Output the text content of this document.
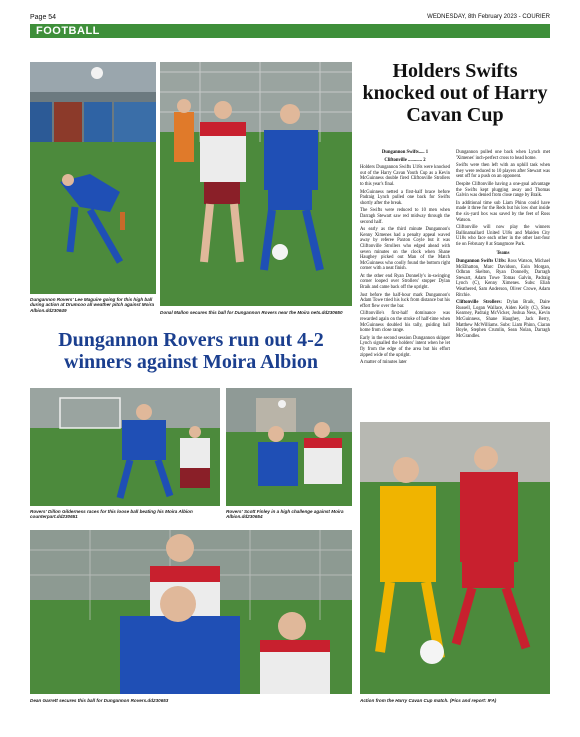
Page 54	WEDNESDAY, 8th February 2023 - COURIER
FOOTBALL
Dungannon Rovers' Lee Maguire going for this high ball during action at Drumcoo all weather pitch against Moira Albion.dd230649	Donal Mallon secures this ball for Dungannon Rovers near the Moira nets.dd230650
Holders Swifts knocked out of Harry Cavan Cup
Dungannon Swifts..... 1
Cliftonville ............ 2

Holders Dungannon Swifts U18s were knocked out of the Harry Cavan Youth Cup as a Kevin McGuinness double fired Cliftonville Strollers to this year's final.

McGuinness netted a first-half brace before Padraig Lynch pulled one back for Swifts shortly after the break.

The Swifts were reduced to 10 men when Darragh Stewart saw red midway through the second half.

As early as the third minute Dungannon's Kenny Ximenes had a penalty appeal waved away by referee Paxton Coyle but it was Cliftonville Strollers who edged ahead with seven minutes on the clock when Shane Haughey picked out Man of the Match McGuinness who coolly found the bottom right corner with a neat finish.

At the other end Ryan Donnelly's in-swinging corner looped over Strollers' stopper Dylan Braik and came back off the upright.

Just before the half-hour mark Dungannon's Adam Towe tried his luck from distance but his effort flew over the bar.

Cliftonville's first-half dominance was rewarded again on the stroke of half-time when McGuinness doubled his tally, guiding ball home from close range.

Early in the second session Dungannon skipper Lynch signalled the holders' intent when he let fly from the edge of the area but his effort zipped wide of the upright.

A matter of minutes later

Dungannon pulled one back when Lynch met 'Ximenes' inch-perfect cross to head home.

Swifts were then left with an uphill task when they were reduced to 10 players after Stewart was sent off for a push on an opponent.

Despite Cliftonville having a one-goal advantage the Swifts kept plugging away and Thomas Galvin was denied from close range by Braik.

In additional time sub Liam Phinn could have made it three for the Reds but his low shot inside the six-yard box was saved by the feet of Ross Watson.

Cliftonville will now play the winners Ballinamallard United U18s and Maiden City U18s who face each other in the other last-four tie on February 8 at Stangmore Park.

Teams

Dungannon Swifts U18s: Ross Watson, Michael McElhatton, Marc Davidson, Eoin Morgan, Odhran Skelton, Ryan Donnelly, Darragh Stewart, Adam Towe Tomas Galvin, Padraig Lynch (C), Kenny Ximenes. Subs: Eliah Weathered, Sam Anderson, Oliver Crowe, Adam Ritchie.

Cliftonville Strollers: Dylan Braik, Daire Russell, Logan Wallace, Aiden Kelly (C), Shea Kearney, Padraig McVicker, Joshua Ness, Kevin McGuinness, Shane Haughey, Jack Berry, Matthew McWilliams. Subs: Liam Phinn, Ciaran Boyle, Stephen Crumlin, Sean Nolan, Darragh McGrandles.

Dungannon Rovers run out 4-2 winners against Moira Albion
Rovers' Dillon Gilderness races for this loose ball beating his Moira Albion counterpart.dd230651
Rovers' Scott Finley in a high challenge against Moira Albion.dd230654
Dean Garrett secures this ball for Dungannon Rovers.dd230653	Action from the Harry Cavan Cup match. (Pics and report: IFA)
